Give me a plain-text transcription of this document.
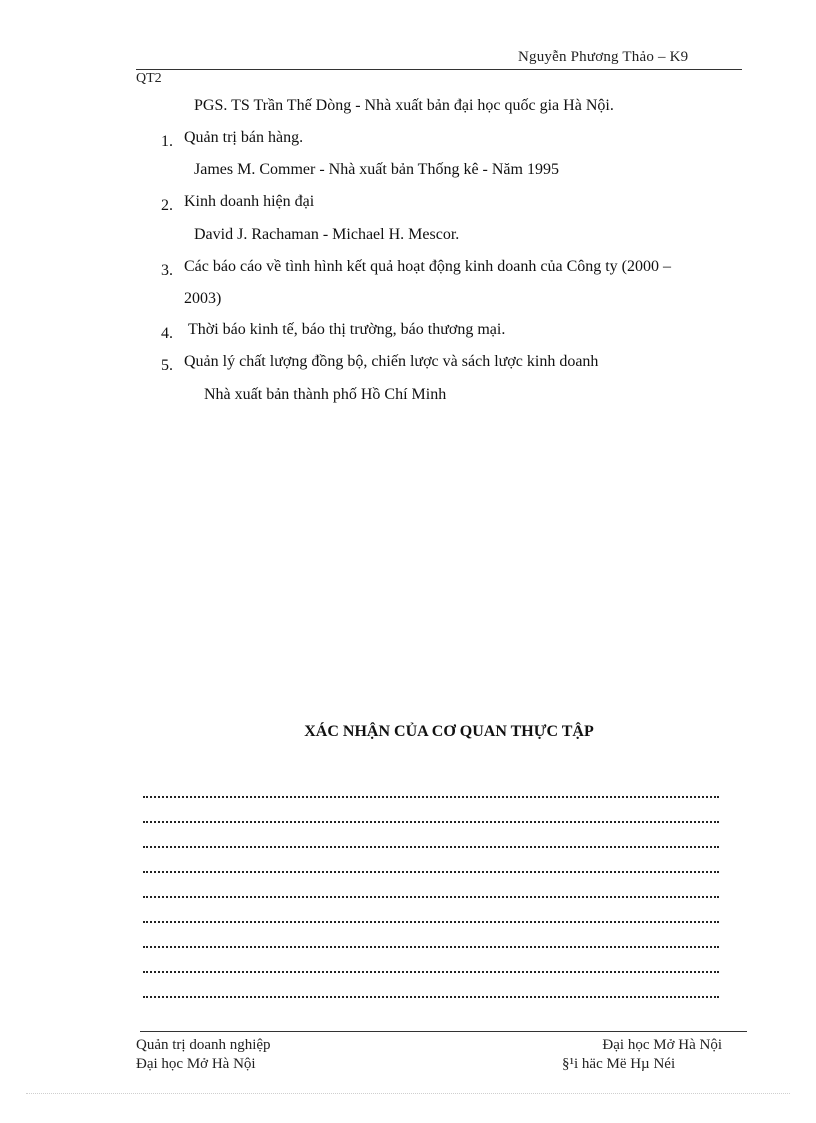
Nguyễn Phương Thảo – K9
QT2
PGS. TS Trần Thế Dòng - Nhà xuất bản đại học quốc gia Hà Nội.
1. Quản trị bán hàng.
James M. Commer - Nhà xuất bản Thống kê - Năm 1995
2. Kinh doanh hiện đại
David J. Rachaman - Michael H. Mescor.
3. Các báo cáo về tình hình kết quả hoạt động kinh doanh của Công ty (2000 –
2003)
4. Thời báo kinh tế, báo thị trường, báo thương mại.
5. Quản lý chất lượng đồng bộ, chiến lược và sách lược kinh doanh
Nhà xuất bản thành phố Hồ Chí Minh
XÁC NHẬN CỦA CƠ QUAN THỰC TẬP
Quản trị doanh nghiệp
Đại học Mở Hà Nội
Đại học Mở Hà Nội
§¹i häc Më Hµ Néi
